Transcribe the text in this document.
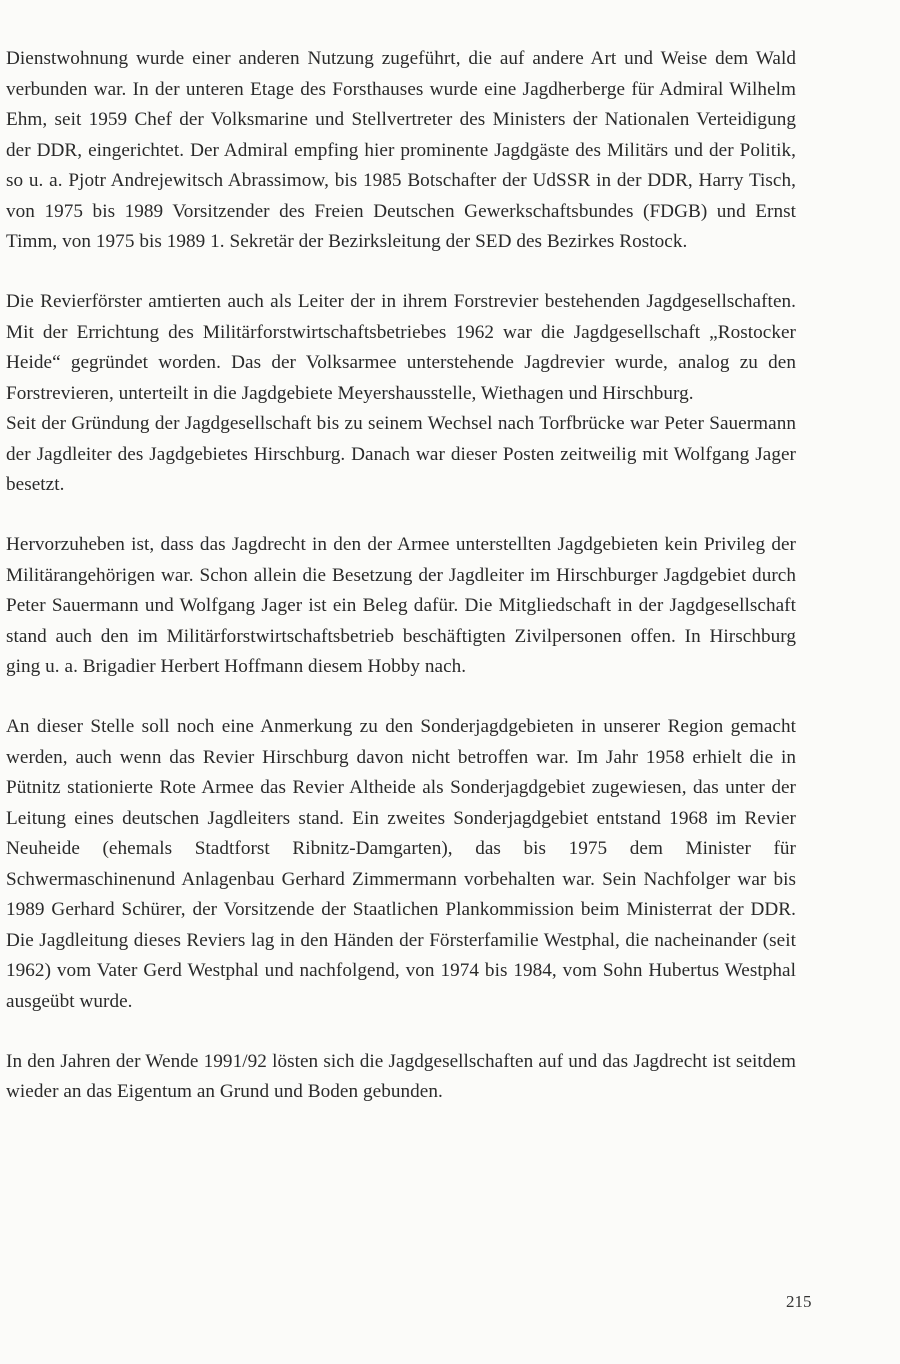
Dienstwohnung wurde einer anderen Nutzung zugeführt, die auf andere Art und Weise dem Wald verbunden war. In der unteren Etage des Forsthauses wurde eine Jagdherberge für Admiral Wilhelm Ehm, seit 1959 Chef der Volksmarine und Stellvertreter des Ministers der Nationalen Verteidigung der DDR, eingerichtet. Der Admiral empfing hier prominente Jagdgäste des Militärs und der Politik, so u. a. Pjotr Andrejewitsch Abrassimow, bis 1985 Botschafter der UdSSR in der DDR, Harry Tisch, von 1975 bis 1989 Vorsitzender des Freien Deutschen Gewerkschaftsbundes (FDGB) und Ernst Timm, von 1975 bis 1989 1. Sekretär der Bezirksleitung der SED des Bezirkes Rostock.

Die Revierförster amtierten auch als Leiter der in ihrem Forstrevier bestehenden Jagdgesellschaften. Mit der Errichtung des Militärforstwirtschaftsbetriebes 1962 war die Jagdgesellschaft „Rostocker Heide“ gegründet worden. Das der Volksarmee unterstehende Jagdrevier wurde, analog zu den Forstrevieren, unterteilt in die Jagdgebiete Meyershausstelle, Wiethagen und Hirschburg.

Seit der Gründung der Jagdgesellschaft bis zu seinem Wechsel nach Torfbrücke war Peter Sauermann der Jagdleiter des Jagdgebietes Hirschburg. Danach war dieser Posten zeitweilig mit Wolfgang Jager besetzt.

Hervorzuheben ist, dass das Jagdrecht in den der Armee unterstellten Jagdgebieten kein Privileg der Militärangehörigen war. Schon allein die Besetzung der Jagdleiter im Hirschburger Jagdgebiet durch Peter Sauermann und Wolfgang Jager ist ein Beleg dafür. Die Mitgliedschaft in der Jagdgesellschaft stand auch den im Militärforstwirtschaftsbetrieb beschäftigten Zivilpersonen offen. In Hirschburg ging u. a. Brigadier Herbert Hoffmann diesem Hobby nach.

An dieser Stelle soll noch eine Anmerkung zu den Sonderjagdgebieten in unserer Region gemacht werden, auch wenn das Revier Hirschburg davon nicht betroffen war. Im Jahr 1958 erhielt die in Pütnitz stationierte Rote Armee das Revier Altheide als Sonderjagdgebiet zugewiesen, das unter der Leitung eines deutschen Jagdleiters stand. Ein zweites Sonderjagdgebiet entstand 1968 im Revier Neuheide (ehemals Stadtforst Ribnitz-Damgarten), das bis 1975 dem Minister für Schwermaschinenund Anlagenbau Gerhard Zimmermann vorbehalten war. Sein Nachfolger war bis 1989 Gerhard Schürer, der Vorsitzende der Staatlichen Plankommission beim Ministerrat der DDR. Die Jagdleitung dieses Reviers lag in den Händen der Försterfamilie Westphal, die nacheinander (seit 1962) vom Vater Gerd Westphal und nachfolgend, von 1974 bis 1984, vom Sohn Hubertus Westphal ausgeübt wurde.

In den Jahren der Wende 1991/92 lösten sich die Jagdgesellschaften auf und das Jagdrecht ist seitdem wieder an das Eigentum an Grund und Boden gebunden.

215
